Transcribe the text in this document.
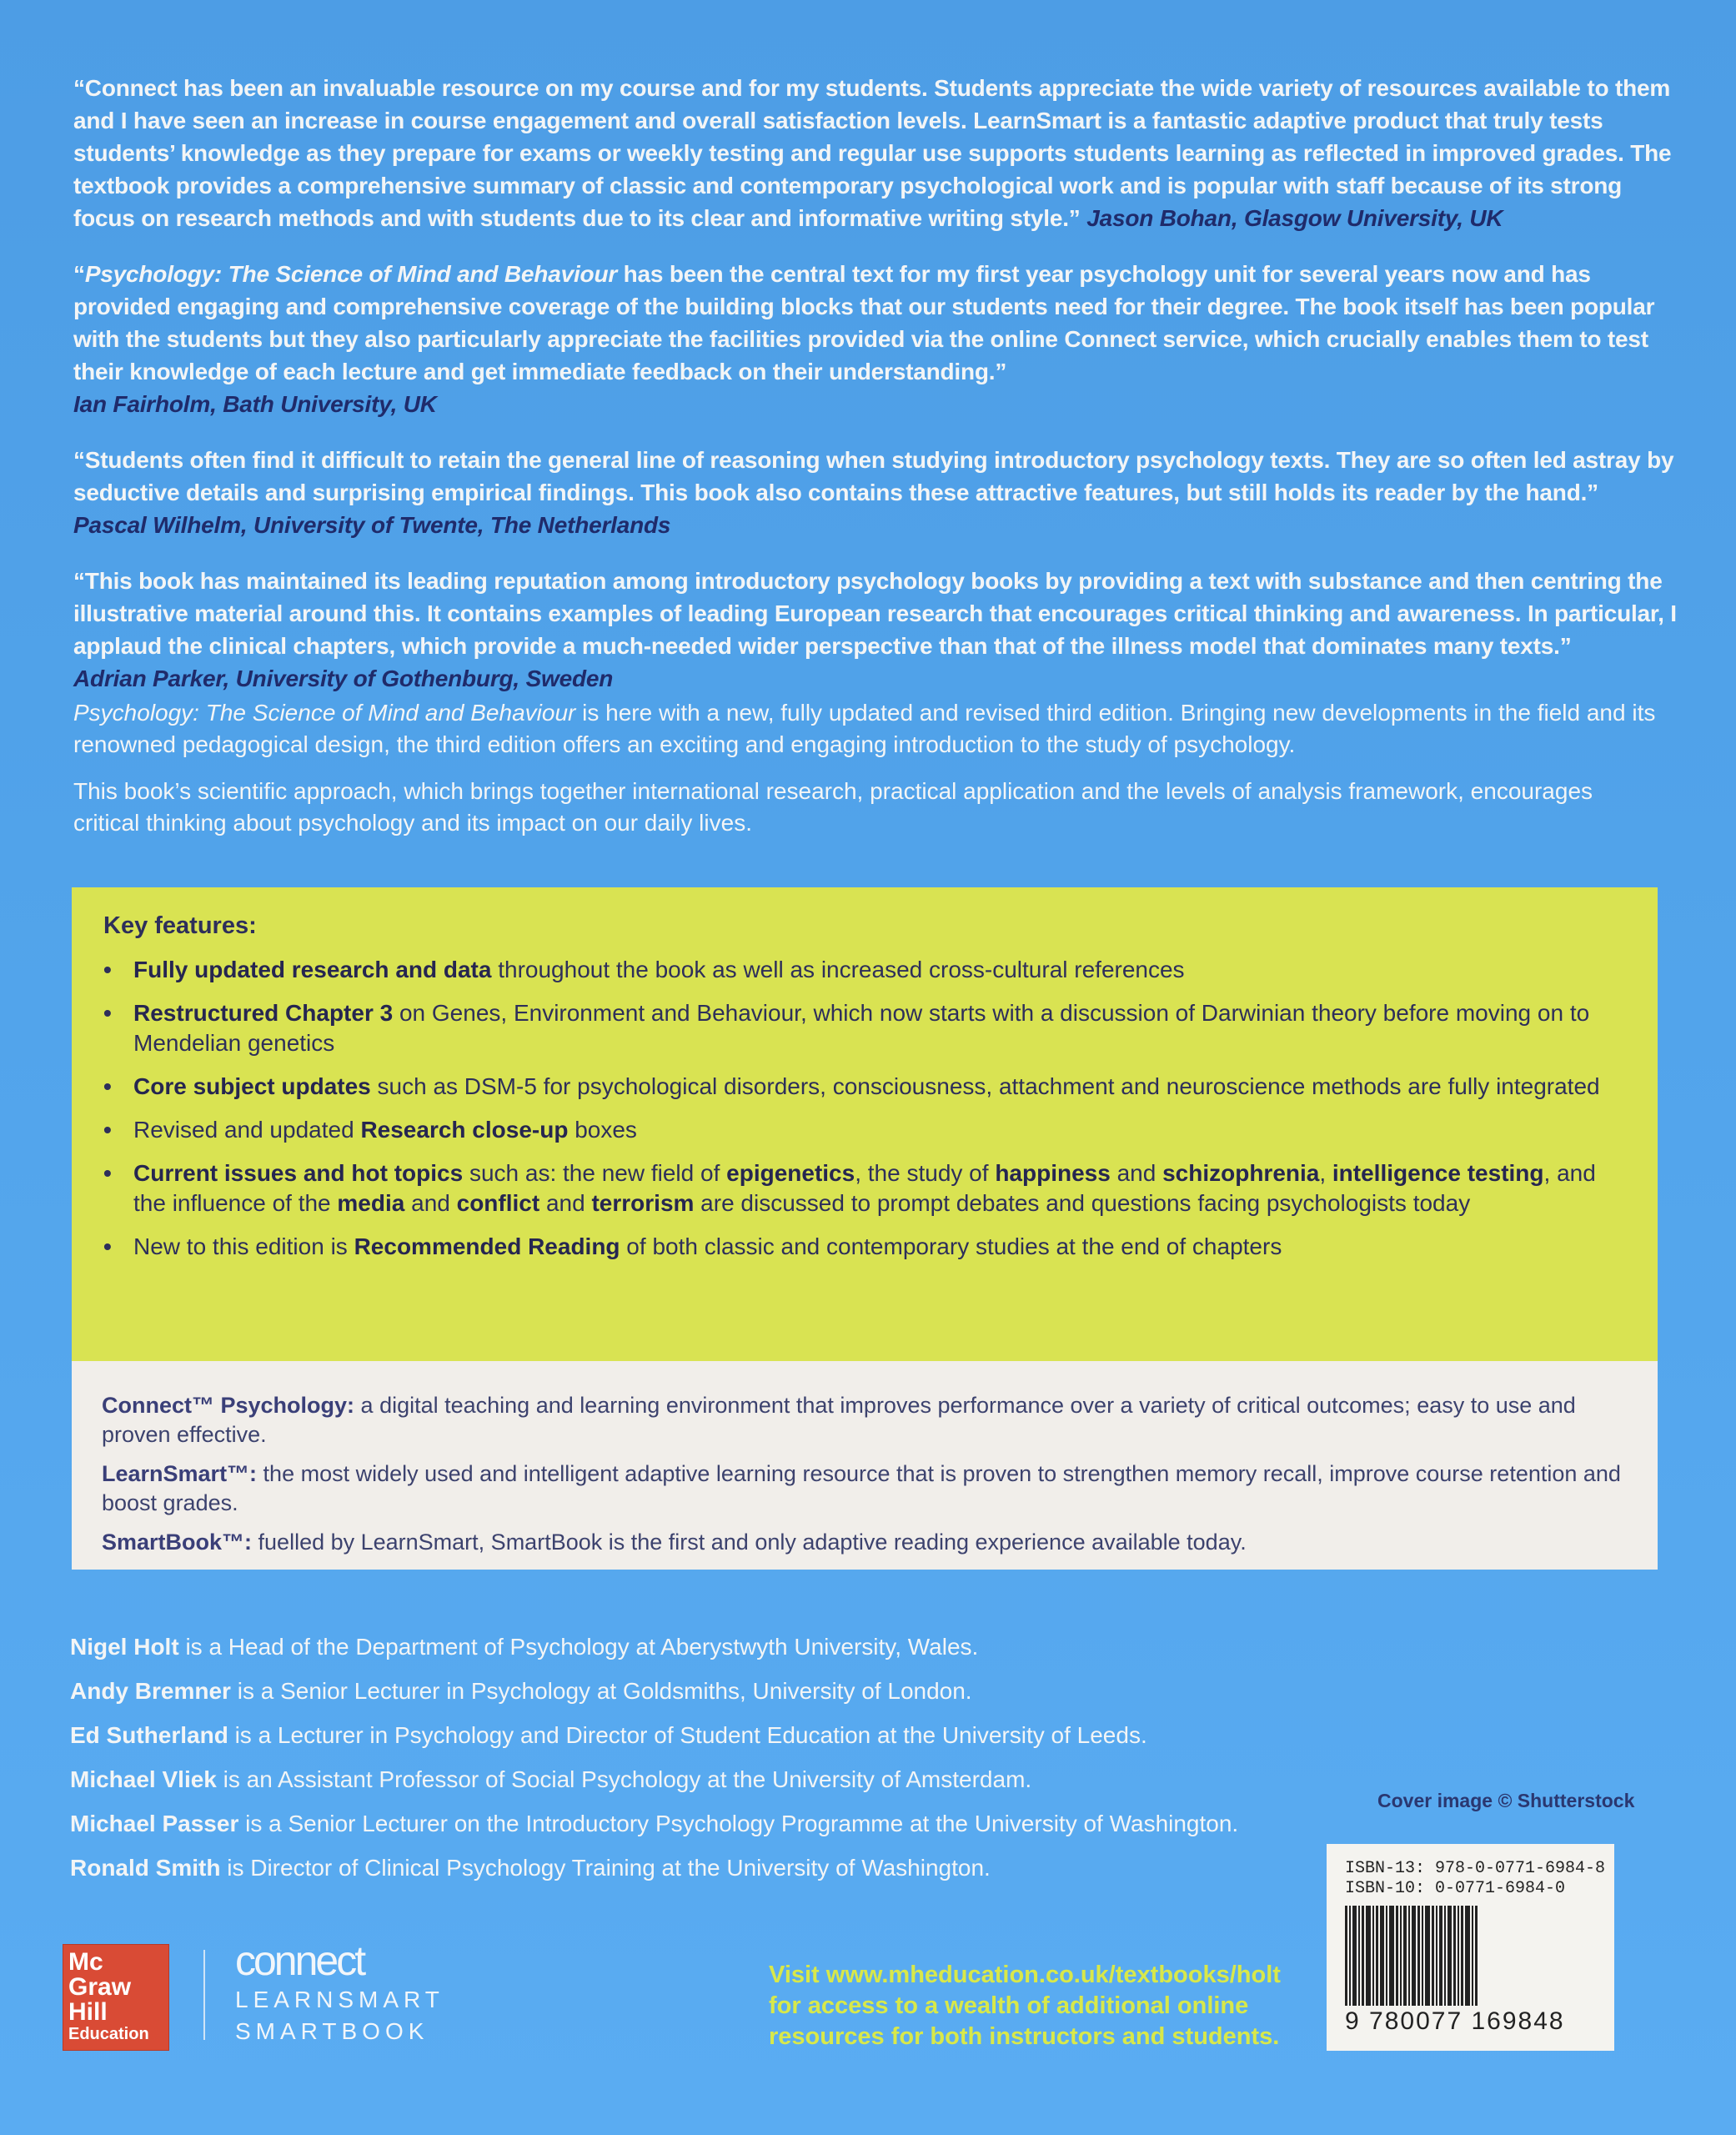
“Connect has been an invaluable resource on my course and for my students. Students appreciate the wide variety of resources available to them and I have seen an increase in course engagement and overall satisfaction levels. LearnSmart is a fantastic adaptive product that truly tests students’ knowledge as they prepare for exams or weekly testing and regular use supports students learning as reflected in improved grades. The textbook provides a comprehensive summary of classic and contemporary psychological work and is popular with staff because of its strong focus on research methods and with students due to its clear and informative writing style.” Jason Bohan, Glasgow University, UK

“Psychology: The Science of Mind and Behaviour has been the central text for my first year psychology unit for several years now and has provided engaging and comprehensive coverage of the building blocks that our students need for their degree. The book itself has been popular with the students but they also particularly appreciate the facilities provided via the online Connect service, which crucially enables them to test their knowledge of each lecture and get immediate feedback on their understanding.”
Ian Fairholm, Bath University, UK

“Students often find it difficult to retain the general line of reasoning when studying introductory psychology texts. They are so often led astray by seductive details and surprising empirical findings. This book also contains these attractive features, but still holds its reader by the hand.”
Pascal Wilhelm, University of Twente, The Netherlands

“This book has maintained its leading reputation among introductory psychology books by providing a text with substance and then centring the illustrative material around this. It contains examples of leading European research that encourages critical thinking and awareness. In particular, I applaud the clinical chapters, which provide a much-needed wider perspective than that of the illness model that dominates many texts.”
Adrian Parker, University of Gothenburg, Sweden

Psychology: The Science of Mind and Behaviour is here with a new, fully updated and revised third edition. Bringing new developments in the field and its renowned pedagogical design, the third edition offers an exciting and engaging introduction to the study of psychology.

This book’s scientific approach, which brings together international research, practical application and the levels of analysis framework, encourages critical thinking about psychology and its impact on our daily lives.

Key features:
• Fully updated research and data throughout the book as well as increased cross-cultural references
• Restructured Chapter 3 on Genes, Environment and Behaviour, which now starts with a discussion of Darwinian theory before moving on to Mendelian genetics
• Core subject updates such as DSM-5 for psychological disorders, consciousness, attachment and neuroscience methods are fully integrated
• Revised and updated Research close-up boxes
• Current issues and hot topics such as: the new field of epigenetics, the study of happiness and schizophrenia, intelligence testing, and the influence of the media and conflict and terrorism are discussed to prompt debates and questions facing psychologists today
• New to this edition is Recommended Reading of both classic and contemporary studies at the end of chapters

Connect™ Psychology: a digital teaching and learning environment that improves performance over a variety of critical outcomes; easy to use and proven effective.

LearnSmart™: the most widely used and intelligent adaptive learning resource that is proven to strengthen memory recall, improve course retention and boost grades.

SmartBook™: fuelled by LearnSmart, SmartBook is the first and only adaptive reading experience available today.

Nigel Holt is a Head of the Department of Psychology at Aberystwyth University, Wales.

Andy Bremner is a Senior Lecturer in Psychology at Goldsmiths, University of London.

Ed Sutherland is a Lecturer in Psychology and Director of Student Education at the University of Leeds.

Michael Vliek is an Assistant Professor of Social Psychology at the University of Amsterdam.

Michael Passer is a Senior Lecturer on the Introductory Psychology Programme at the University of Washington.

Ronald Smith is Director of Clinical Psychology Training at the University of Washington.

Cover image © Shutterstock
ISBN-13: 978-0-0771-6984-8
ISBN-10: 0-0771-6984-0
9 780077 169848
Mc
Graw
Hill
Education
connect
LEARNSMART
SMARTBOOK
Visit www.mheducation.co.uk/textbooks/holt
for access to a wealth of additional online
resources for both instructors and students.
